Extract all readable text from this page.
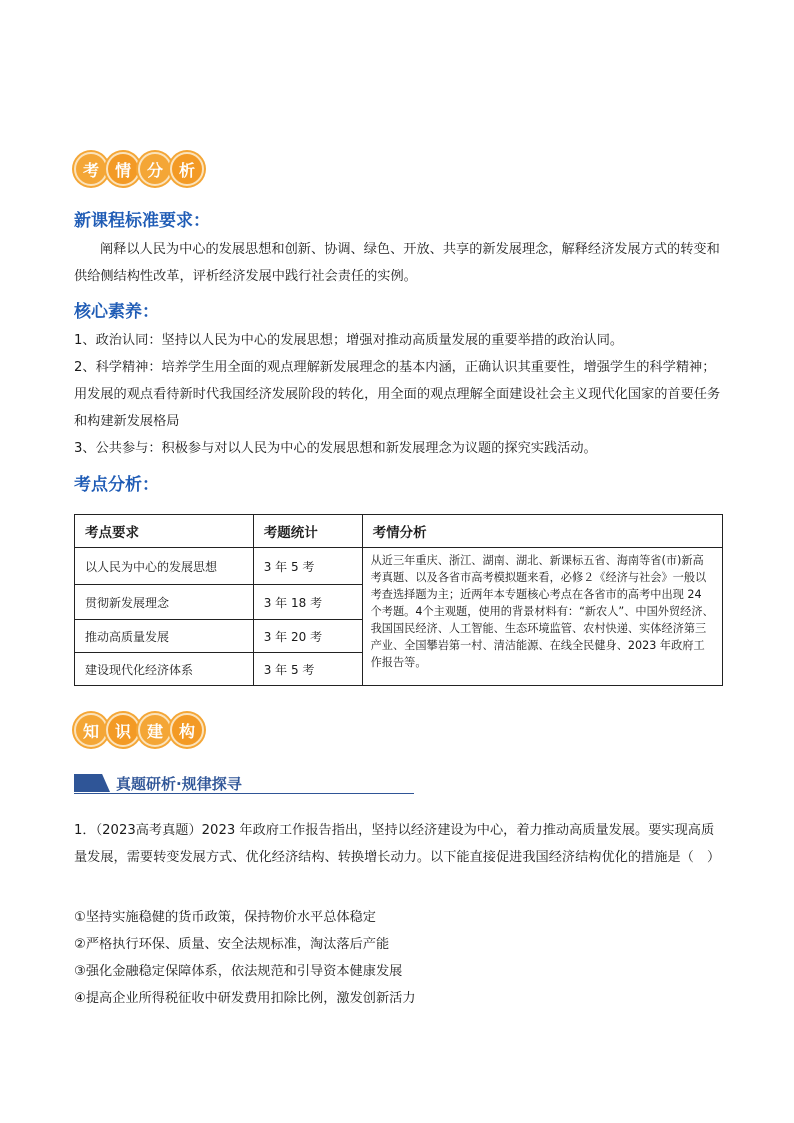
考 情 分 析
新课程标准要求：

阐释以人民为中心的发展思想和创新、协调、绿色、开放、共享的新发展理念，解释经济发展方式的转变和供给侧结构性改革，评析经济发展中践行社会责任的实例。

核心素养：

1、政治认同：坚持以人民为中心的发展思想；增强对推动高质量发展的重要举措的政治认同。

2、科学精神：培养学生用全面的观点理解新发展理念的基本内涵，正确认识其重要性，增强学生的科学精神；用发展的观点看待新时代我国经济发展阶段的转化，用全面的观点理解全面建设社会主义现代化国家的首要任务和构建新发展格局

3、公共参与：积极参与对以人民为中心的发展思想和新发展理念为议题的探究实践活动。

考点分析：
考点要求	考题统计	考情分析
以人民为中心的发展思想	3 年 5 考	从近三年重庆、浙江、湖南、湖北、新课标五省、海南等省(市)新高考真题、以及各省市高考模拟题来看，必修２《经济与社会》一般以考查选择题为主；近两年本专题核心考点在各省市的高考中出现 24 个考题。4个主观题，使用的背景材料有：“新农人”、中国外贸经济、我国国民经济、人工智能、生态环境监管、农村快递、实体经济第三产业、全国攀岩第一村、清洁能源、在线全民健身、2023 年政府工作报告等。
贯彻新发展理念	3 年 18 考	
推动高质量发展	3 年 20 考	
建设现代化经济体系	3 年 5 考	
知 识 建 构
真题研析·规律探寻

1．（2023高考真题）2023 年政府工作报告指出，坚持以经济建设为中心，着力推动高质量发展。要实现高质量发展，需要转变发展方式、优化经济结构、转换增长动力。以下能直接促进我国经济结构优化的措施是（　）

①坚持实施稳健的货币政策，保持物价水平总体稳定
②严格执行环保、质量、安全法规标准，淘汰落后产能
③强化金融稳定保障体系，依法规范和引导资本健康发展
④提高企业所得税征收中研发费用扣除比例，激发创新活力
